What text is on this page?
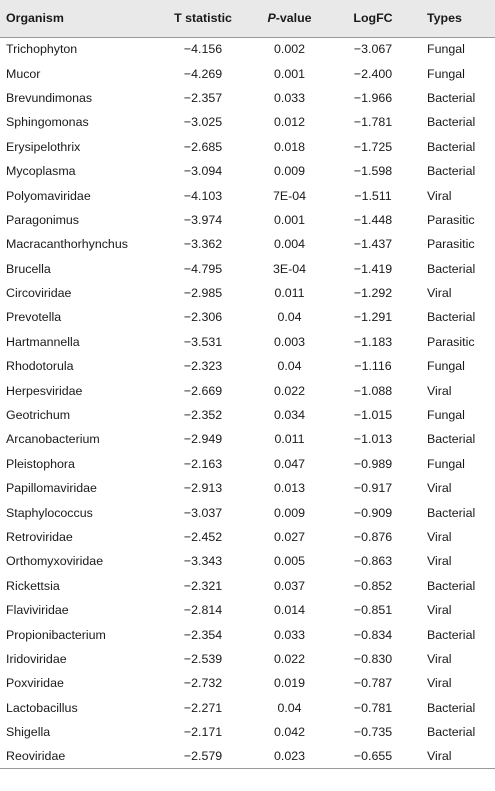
Organism	T statistic	P-value	LogFC	Types
Trichophyton	−4.156	0.002	−3.067	Fungal
Mucor	−4.269	0.001	−2.400	Fungal
Brevundimonas	−2.357	0.033	−1.966	Bacterial
Sphingomonas	−3.025	0.012	−1.781	Bacterial
Erysipelothrix	−2.685	0.018	−1.725	Bacterial
Mycoplasma	−3.094	0.009	−1.598	Bacterial
Polyomaviridae	−4.103	7E-04	−1.511	Viral
Paragonimus	−3.974	0.001	−1.448	Parasitic
Macracanthorhynchus	−3.362	0.004	−1.437	Parasitic
Brucella	−4.795	3E-04	−1.419	Bacterial
Circoviridae	−2.985	0.011	−1.292	Viral
Prevotella	−2.306	0.04	−1.291	Bacterial
Hartmannella	−3.531	0.003	−1.183	Parasitic
Rhodotorula	−2.323	0.04	−1.116	Fungal
Herpesviridae	−2.669	0.022	−1.088	Viral
Geotrichum	−2.352	0.034	−1.015	Fungal
Arcanobacterium	−2.949	0.011	−1.013	Bacterial
Pleistophora	−2.163	0.047	−0.989	Fungal
Papillomaviridae	−2.913	0.013	−0.917	Viral
Staphylococcus	−3.037	0.009	−0.909	Bacterial
Retroviridae	−2.452	0.027	−0.876	Viral
Orthomyxoviridae	−3.343	0.005	−0.863	Viral
Rickettsia	−2.321	0.037	−0.852	Bacterial
Flaviviridae	−2.814	0.014	−0.851	Viral
Propionibacterium	−2.354	0.033	−0.834	Bacterial
Iridoviridae	−2.539	0.022	−0.830	Viral
Poxviridae	−2.732	0.019	−0.787	Viral
Lactobacillus	−2.271	0.04	−0.781	Bacterial
Shigella	−2.171	0.042	−0.735	Bacterial
Reoviridae	−2.579	0.023	−0.655	Viral
